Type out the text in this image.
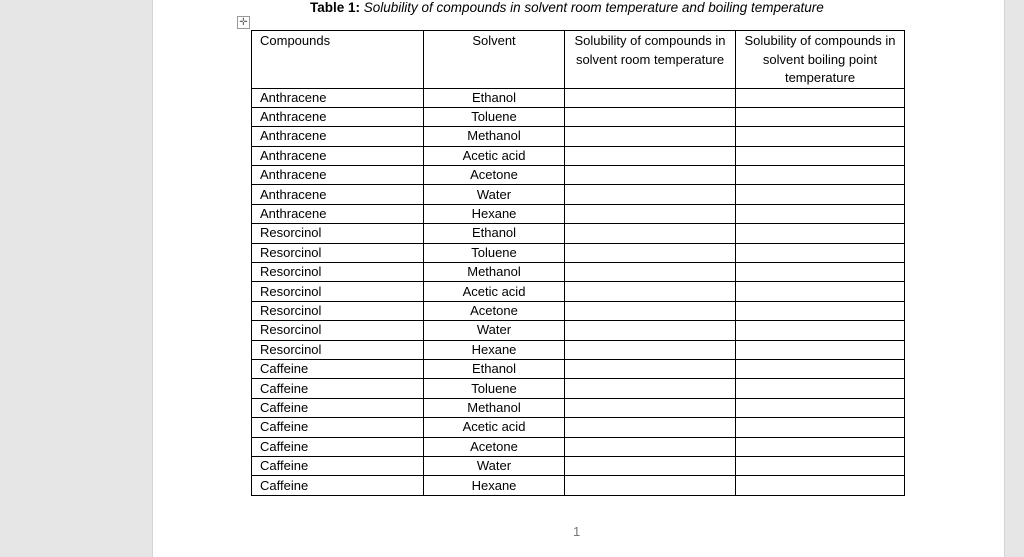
Table 1: Solubility of compounds in solvent room temperature and boiling temperature
✛
Compounds	Solvent	Solubility of compounds in solvent room temperature	Solubility of compounds in solvent boiling point temperature
Anthracene	Ethanol		
Anthracene	Toluene		
Anthracene	Methanol		
Anthracene	Acetic acid		
Anthracene	Acetone		
Anthracene	Water		
Anthracene	Hexane		
Resorcinol	Ethanol		
Resorcinol	Toluene		
Resorcinol	Methanol		
Resorcinol	Acetic acid		
Resorcinol	Acetone		
Resorcinol	Water		
Resorcinol	Hexane		
Caffeine	Ethanol		
Caffeine	Toluene		
Caffeine	Methanol		
Caffeine	Acetic acid		
Caffeine	Acetone		
Caffeine	Water		
Caffeine	Hexane		
1
